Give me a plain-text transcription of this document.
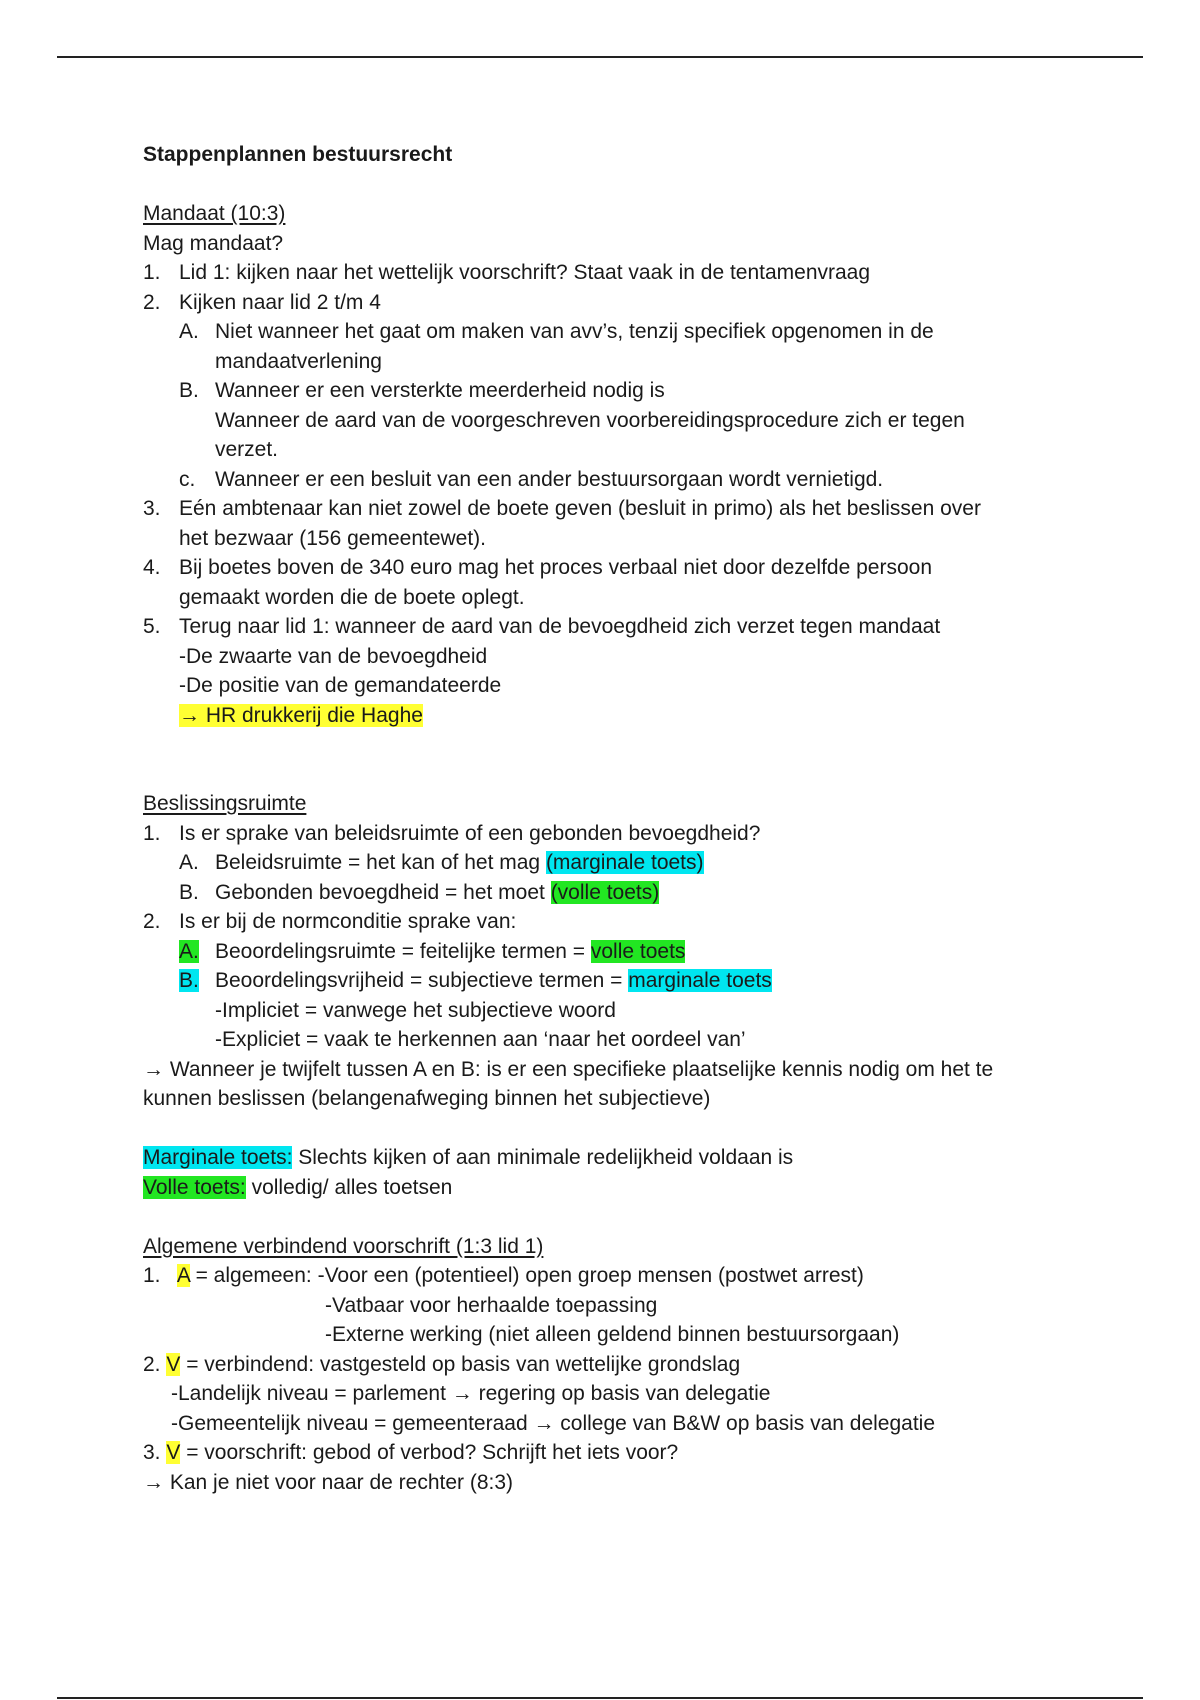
Stappenplannen bestuursrecht
Mandaat (10:3)
Mag mandaat?
1. Lid 1: kijken naar het wettelijk voorschrift? Staat vaak in de tentamenvraag
2. Kijken naar lid 2 t/m 4
A. Niet wanneer het gaat om maken van avv’s, tenzij specifiek opgenomen in de
mandaatverlening
B. Wanneer er een versterkte meerderheid nodig is
Wanneer de aard van de voorgeschreven voorbereidingsprocedure zich er tegen
verzet.
c. Wanneer er een besluit van een ander bestuursorgaan wordt vernietigd.
3. Eén ambtenaar kan niet zowel de boete geven (besluit in primo) als het beslissen over
het bezwaar (156 gemeentewet).
4. Bij boetes boven de 340 euro mag het proces verbaal niet door dezelfde persoon
gemaakt worden die de boete oplegt.
5. Terug naar lid 1: wanneer de aard van de bevoegdheid zich verzet tegen mandaat
-De zwaarte van de bevoegdheid
-De positie van de gemandateerde
→ HR drukkerij die Haghe
Beslissingsruimte
1. Is er sprake van beleidsruimte of een gebonden bevoegdheid?
A. Beleidsruimte = het kan of het mag (marginale toets)
B. Gebonden bevoegdheid = het moet (volle toets)
2. Is er bij de normconditie sprake van:
A. Beoordelingsruimte = feitelijke termen = volle toets
B. Beoordelingsvrijheid = subjectieve termen = marginale toets
-Impliciet = vanwege het subjectieve woord
-Expliciet = vaak te herkennen aan ‘naar het oordeel van’
→ Wanneer je twijfelt tussen A en B: is er een specifieke plaatselijke kennis nodig om het te
kunnen beslissen (belangenafweging binnen het subjectieve)
Marginale toets: Slechts kijken of aan minimale redelijkheid voldaan is
Volle toets: volledig/ alles toetsen
Algemene verbindend voorschrift (1:3 lid 1)
1. A = algemeen: -Voor een (potentieel) open groep mensen (postwet arrest)
-Vatbaar voor herhaalde toepassing
-Externe werking (niet alleen geldend binnen bestuursorgaan)
2. V = verbindend: vastgesteld op basis van wettelijke grondslag
-Landelijk niveau = parlement → regering op basis van delegatie
-Gemeentelijk niveau = gemeenteraad → college van B&W op basis van delegatie
3. V = voorschrift: gebod of verbod? Schrijft het iets voor?
→ Kan je niet voor naar de rechter (8:3)
